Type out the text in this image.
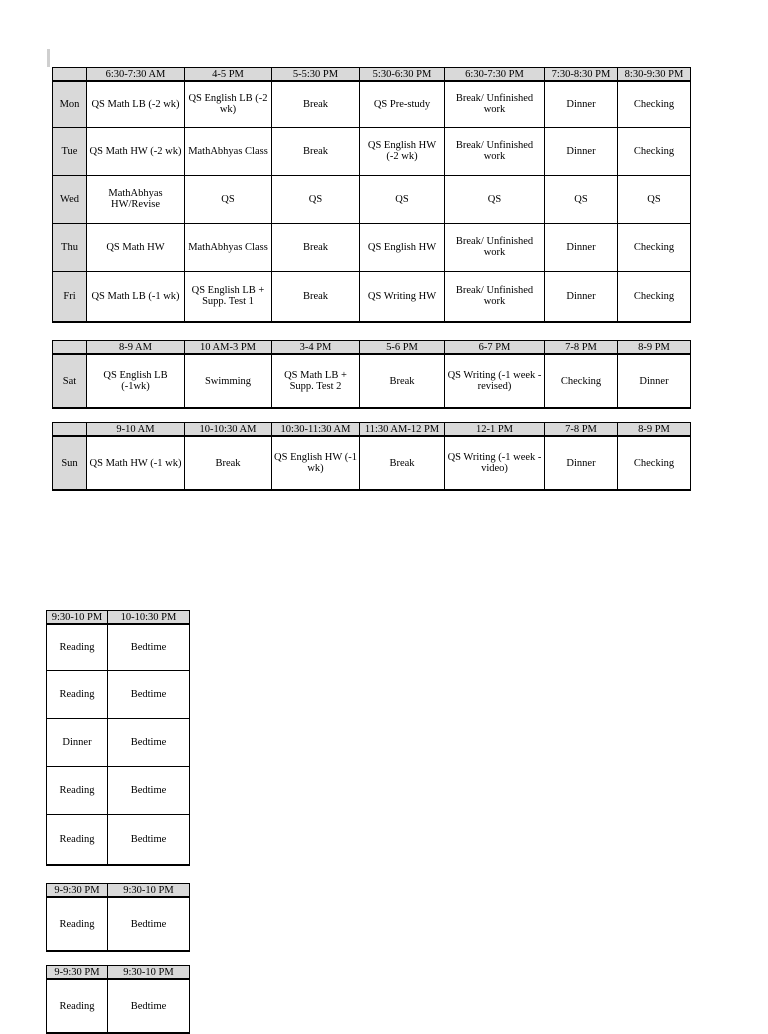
	6:30-7:30 AM	4-5 PM	5-5:30 PM	5:30-6:30 PM	6:30-7:30 PM	7:30-8:30 PM	8:30-9:30 PM
Mon	QS Math LB (-2 wk)	QS English LB (-2 wk)	Break	QS Pre-study	Break/ Unfinished work	Dinner	Checking
Tue	QS Math HW (-2 wk)	MathAbhyas Class	Break	QS English HW (-2 wk)	Break/ Unfinished work	Dinner	Checking
Wed	MathAbhyas HW/Revise	QS	QS	QS	QS	QS	QS
Thu	QS Math HW	MathAbhyas Class	Break	QS English HW	Break/ Unfinished work	Dinner	Checking
Fri	QS Math LB (-1 wk)	QS English LB + Supp. Test 1	Break	QS Writing HW	Break/ Unfinished work	Dinner	Checking
	8-9 AM	10 AM-3 PM	3-4 PM	5-6 PM	6-7 PM	7-8 PM	8-9 PM
Sat	QS English LB (-1wk)	Swimming	QS Math LB + Supp. Test 2	Break	QS Writing (-1 week - revised)	Checking	Dinner
	9-10 AM	10-10:30 AM	10:30-11:30 AM	11:30 AM-12 PM	12-1 PM	7-8 PM	8-9 PM
Sun	QS Math HW (-1 wk)	Break	QS English HW (-1 wk)	Break	QS Writing (-1 week - video)	Dinner	Checking
9:30-10 PM	10-10:30 PM
Reading	Bedtime
Reading	Bedtime
Dinner	Bedtime
Reading	Bedtime
Reading	Bedtime
9-9:30 PM	9:30-10 PM
Reading	Bedtime
9-9:30 PM	9:30-10 PM
Reading	Bedtime
